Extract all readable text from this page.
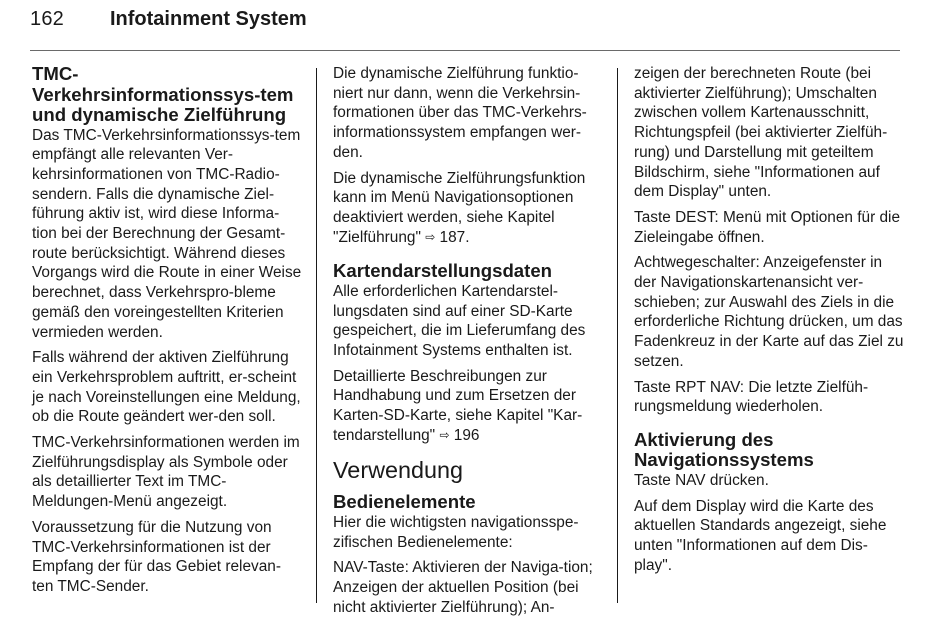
162 Infotainment System
TMC-Verkehrsinformationssys-tem und dynamische Zielführung

Das TMC-Verkehrsinformationssys-tem empfängt alle relevanten Ver-kehrsinformationen von TMC-Radio-sendern. Falls die dynamische Ziel-führung aktiv ist, wird diese Informa-tion bei der Berechnung der Gesamt-route berücksichtigt. Während dieses Vorgangs wird die Route in einer Weise berechnet, dass Verkehrspro-bleme gemäß den voreingestellten Kriterien vermieden werden.

Falls während der aktiven Zielführung ein Verkehrsproblem auftritt, er-scheint je nach Voreinstellungen eine Meldung, ob die Route geändert wer-den soll.

TMC-Verkehrsinformationen werden im Zielführungsdisplay als Symbole oder als detaillierter Text im TMC-Meldungen-Menü angezeigt.

Voraussetzung für die Nutzung von TMC-Verkehrsinformationen ist der Empfang der für das Gebiet relevan-ten TMC-Sender.

Die dynamische Zielführung funktio-niert nur dann, wenn die Verkehrsin-formationen über das TMC-Verkehrs-informationssystem empfangen wer-den.

Die dynamische Zielführungsfunktion kann im Menü Navigationsoptionen deaktiviert werden, siehe Kapitel "Zielführung" ⇨ 187.

Kartendarstellungsdaten

Alle erforderlichen Kartendarstel-lungsdaten sind auf einer SD-Karte gespeichert, die im Lieferumfang des Infotainment Systems enthalten ist.

Detaillierte Beschreibungen zur Handhabung und zum Ersetzen der Karten-SD-Karte, siehe Kapitel "Kar-tendarstellung" ⇨ 196

Verwendung
Bedienelemente

Hier die wichtigsten navigationsspe-zifischen Bedienelemente:

NAV-Taste: Aktivieren der Naviga-tion; Anzeigen der aktuellen Position (bei nicht aktivierter Zielführung); An-

zeigen der berechneten Route (bei aktivierter Zielführung); Umschalten zwischen vollem Kartenausschnitt, Richtungspfeil (bei aktivierter Zielfüh-rung) und Darstellung mit geteiltem Bildschirm, siehe "Informationen auf dem Display" unten.

Taste DEST: Menü mit Optionen für die Zieleingabe öffnen.

Achtwegeschalter: Anzeigefenster in der Navigationskartenansicht ver-schieben; zur Auswahl des Ziels in die erforderliche Richtung drücken, um das Fadenkreuz in der Karte auf das Ziel zu setzen.

Taste RPT NAV: Die letzte Zielfüh-rungsmeldung wiederholen.

Aktivierung des Navigationssystems

Taste NAV drücken.

Auf dem Display wird die Karte des aktuellen Standards angezeigt, siehe unten "Informationen auf dem Dis-play".
